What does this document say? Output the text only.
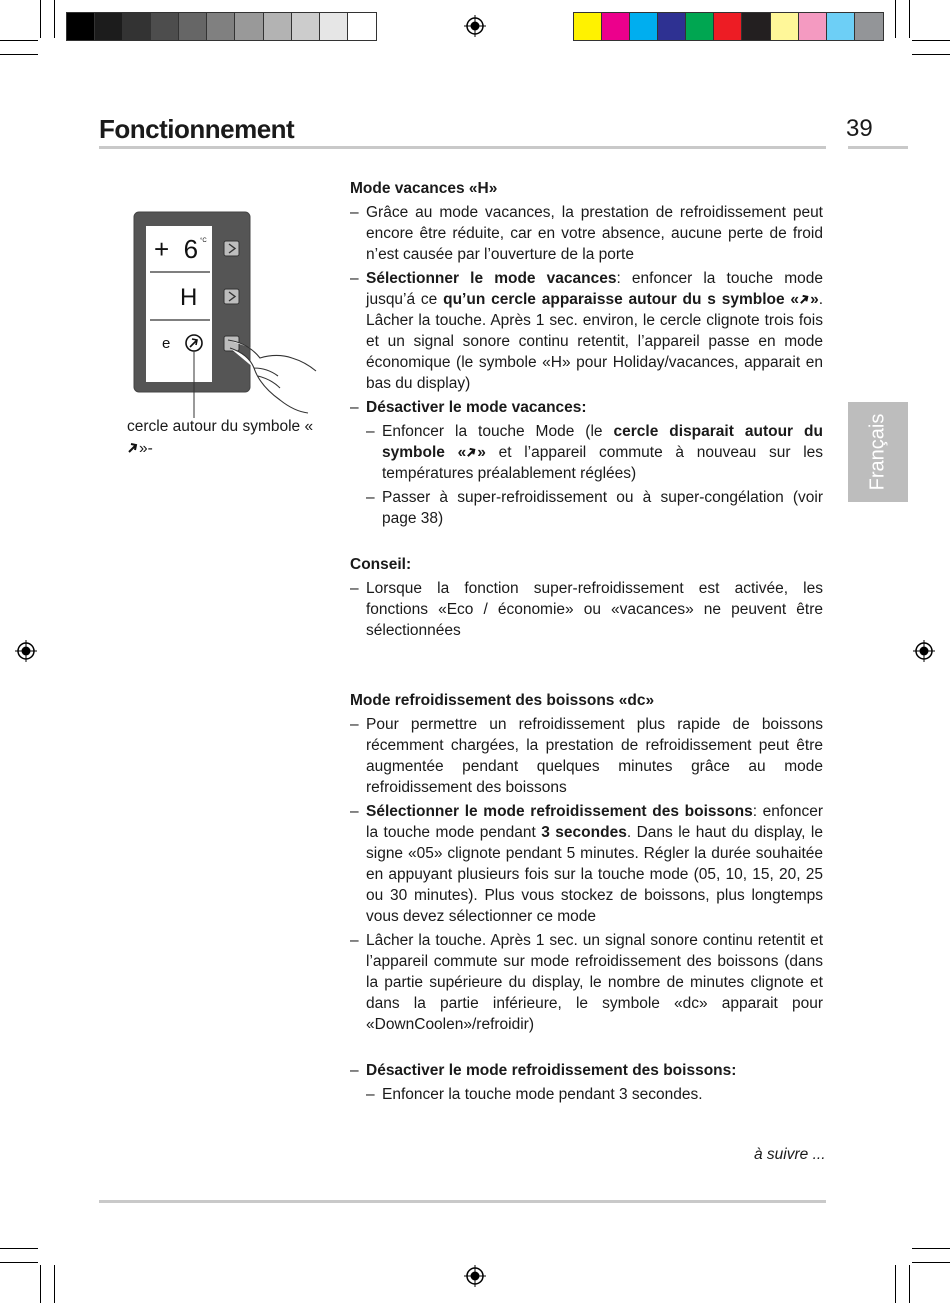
Fonctionnement	39
Français
+  6 °C
H
e
cercle autour du symbole « »-
Mode vacances «H»
– Grâce au mode vacances, la prestation de refroidissement peut encore être réduite, car en votre absence, aucune perte de froid n’est causée par l’ouverture de la porte
– Sélectionner le mode vacances: enfoncer la touche mode jusqu’á ce qu’un cercle apparaisse autour du s symbloe « ». Lâcher la touche. Après 1 sec. environ, le cercle clignote trois fois et un signal sonore continu retentit, l’appareil passe en mode économique (le symbole «H» pour Holiday/vacances, apparait en bas du display)
– Désactiver le mode vacances:
– Enfoncer la touche Mode (le cercle disparait autour du symbole « » et l’appareil commute à nouveau sur les températures préalablement réglées)
– Passer à super-refroidissement ou à super-congélation (voir page 38)
Conseil:
– Lorsque la fonction super-refroidissement est activée, les fonctions «Eco / économie» ou «vacances» ne peuvent être sélectionnées
Mode refroidissement des boissons «dc»
– Pour permettre un refroidissement plus rapide de boissons récemment chargées, la prestation de refroidissement peut être augmentée pendant quelques minutes grâce au mode refroidissement des boissons
– Sélectionner le mode refroidissement des boissons: enfoncer la touche mode pendant 3 secondes. Dans le haut du display, le signe «05» clignote pendant 5 minutes. Régler la durée souhaitée en appuyant plusieurs fois sur la touche mode (05, 10, 15, 20, 25 ou 30 minutes). Plus vous stockez de boissons, plus longtemps vous devez sélectionner ce mode
– Lâcher la touche. Après 1 sec. un signal sonore continu retentit et l’appareil commute sur mode refroidissement des boissons (dans la partie supérieure du display, le nombre de minutes clignote et dans la partie inférieure, le symbole «dc» apparait pour «DownCoolen»/refroidir)
– Désactiver le mode refroidissement des boissons:
– Enfoncer la touche mode pendant 3 secondes.
à suivre ...
